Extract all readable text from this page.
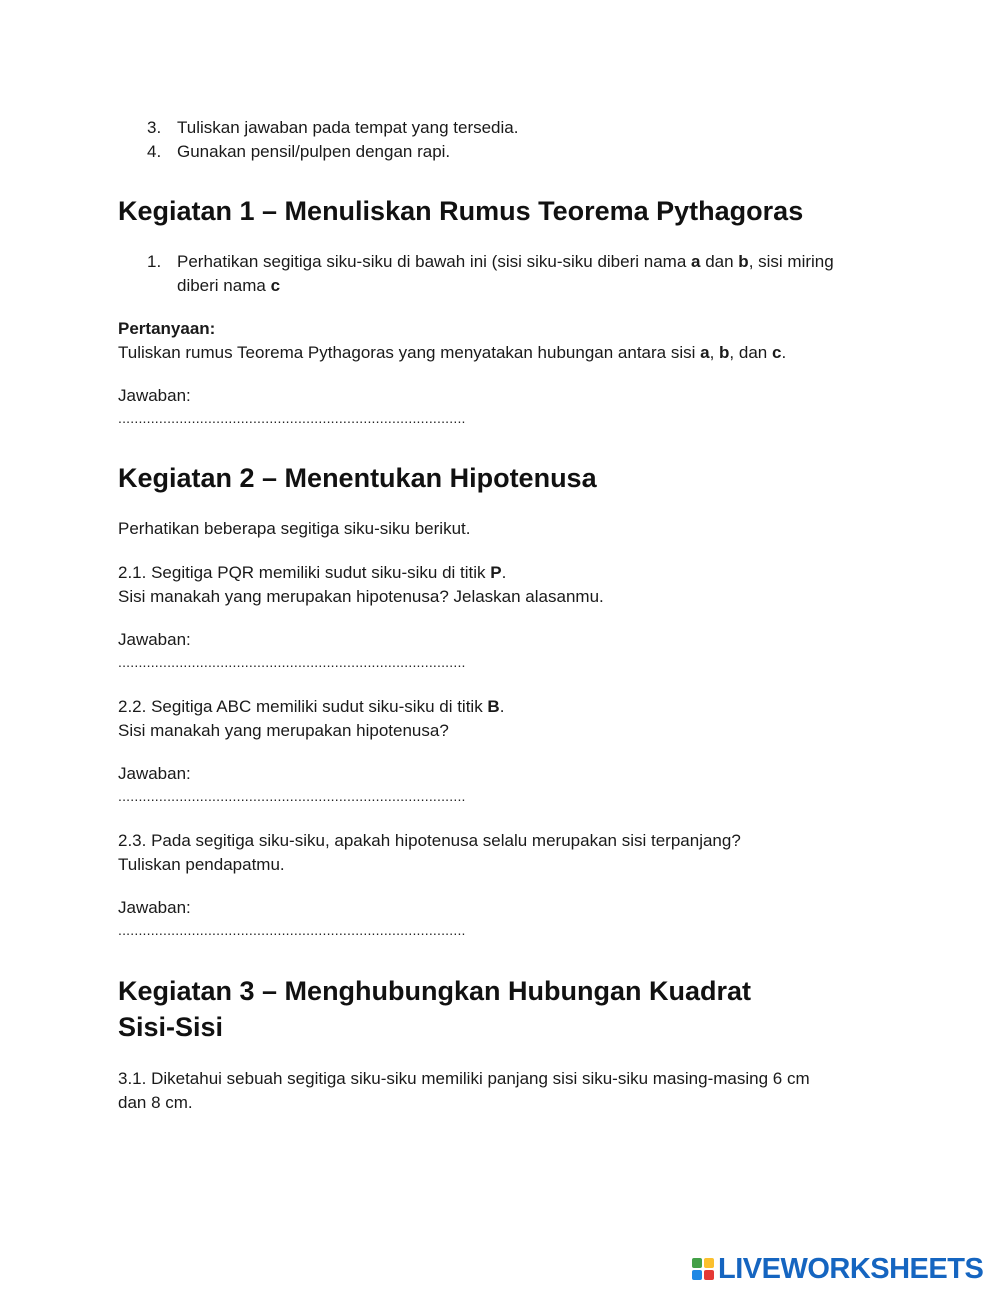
3. Tuliskan jawaban pada tempat yang tersedia.
4. Gunakan pensil/pulpen dengan rapi.
Kegiatan 1 – Menuliskan Rumus Teorema Pythagoras
1. Perhatikan segitiga siku-siku di bawah ini (sisi siku-siku diberi nama a dan b, sisi miring
diberi nama c
Pertanyaan:
Tuliskan rumus Teorema Pythagoras yang menyatakan hubungan antara sisi a, b, dan c.
Jawaban:
.....................................................................................
Kegiatan 2 – Menentukan Hipotenusa
Perhatikan beberapa segitiga siku-siku berikut.
2.1. Segitiga PQR memiliki sudut siku-siku di titik P.
Sisi manakah yang merupakan hipotenusa? Jelaskan alasanmu.
Jawaban:
.....................................................................................
2.2. Segitiga ABC memiliki sudut siku-siku di titik B.
Sisi manakah yang merupakan hipotenusa?
Jawaban:
.....................................................................................
2.3. Pada segitiga siku-siku, apakah hipotenusa selalu merupakan sisi terpanjang?
Tuliskan pendapatmu.
Jawaban:
.....................................................................................
Kegiatan 3 – Menghubungkan Hubungan Kuadrat
Sisi-Sisi
3.1. Diketahui sebuah segitiga siku-siku memiliki panjang sisi siku-siku masing-masing 6 cm
dan 8 cm.
LIVEWORKSHEETS
